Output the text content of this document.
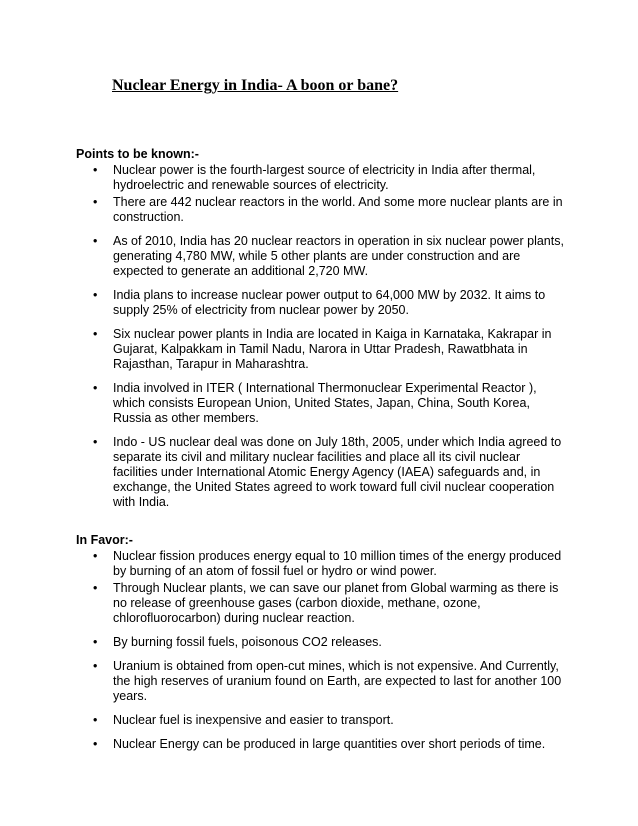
Nuclear Energy in India- A boon or bane?
Points to be known:-
• Nuclear power is the fourth-largest source of electricity in India after thermal, hydroelectric and renewable sources of electricity.
• There are 442 nuclear reactors in the world. And some more nuclear plants are in construction.
• As of 2010, India has 20 nuclear reactors in operation in six nuclear power plants, generating 4,780 MW, while 5 other plants are under construction and are expected to generate an additional 2,720 MW.
• India plans to increase nuclear power output to 64,000 MW by 2032. It aims to supply 25% of electricity from nuclear power by 2050.
• Six nuclear power plants in India are located in Kaiga in Karnataka, Kakrapar in Gujarat, Kalpakkam in Tamil Nadu, Narora in Uttar Pradesh, Rawatbhata in Rajasthan, Tarapur in Maharashtra.
• India involved in ITER ( International Thermonuclear Experimental Reactor ), which consists European Union, United States, Japan, China, South Korea, Russia as other members.
• Indo - US nuclear deal was done on July 18th, 2005, under which India agreed to separate its civil and military nuclear facilities and place all its civil nuclear facilities under International Atomic Energy Agency (IAEA) safeguards and, in exchange, the United States agreed to work toward full civil nuclear cooperation with India.
In Favor:-
• Nuclear fission produces energy equal to 10 million times of the energy produced by burning of an atom of fossil fuel or hydro or wind power.
• Through Nuclear plants, we can save our planet from Global warming as there is no release of greenhouse gases (carbon dioxide, methane, ozone, chlorofluorocarbon) during nuclear reaction.
• By burning fossil fuels, poisonous CO2 releases.
• Uranium is obtained from open-cut mines, which is not expensive. And Currently, the high reserves of uranium found on Earth, are expected to last for another 100 years.
• Nuclear fuel is inexpensive and easier to transport.
• Nuclear Energy can be produced in large quantities over short periods of time.
